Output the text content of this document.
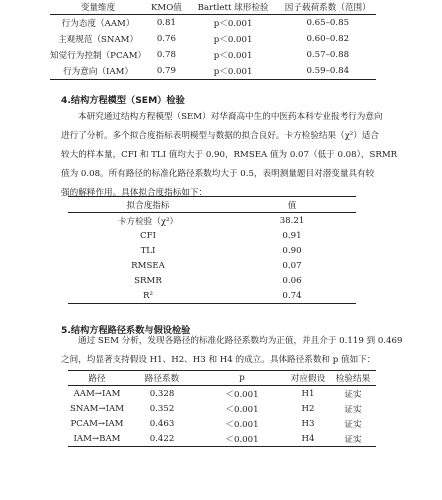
变量维度	KMO值	Bartlett 球形检验	因子载荷系数（范围）
行为态度（AAM）	0.81	p＜0.001	0.65–0.85
主观规范（SNAM）	0.76	p＜0.001	0.60–0.82
知觉行为控制（PCAM）	0.78	p＜0.001	0.57–0.88
行为意向（IAM）	0.79	p＜0.001	0.59–0.84
4.结构方程模型（SEM）检验
本研究通过结构方程模型（SEM）对华裔高中生的中医药本科专业报考行为意向
进行了分析。多个拟合度指标表明模型与数据的拟合良好。卡方检验结果（χ²）适合
较大的样本量，CFI 和 TLI 值均大于 0.90，RMSEA 值为 0.07（低于 0.08），SRMR
值为 0.08。所有路径的标准化路径系数均大于 0.5，表明测量题目对潜变量具有较
强的解释作用。具体拟合度指标如下：
拟合度指标	值
卡方检验（χ²）	38.21
CFI	0.91
TLI	0.90
RMSEA	0.07
SRMR	0.06
R²	0.74
5.结构方程路径系数与假设检验
通过 SEM 分析，发现各路径的标准化路径系数均为正值，并且介于 0.119 到 0.469
之间，均显著支持假设 H1、H2、H3 和 H4 的成立。具体路径系数和 p 值如下：
路径	路径系数	p	对应假设	检验结果
AAM→IAM	0.328	＜0.001	H1	证实
SNAM→IAM	0.352	＜0.001	H2	证实
PCAM→IAM	0.463	＜0.001	H3	证实
IAM→BAM	0.422	＜0.001	H4	证实
